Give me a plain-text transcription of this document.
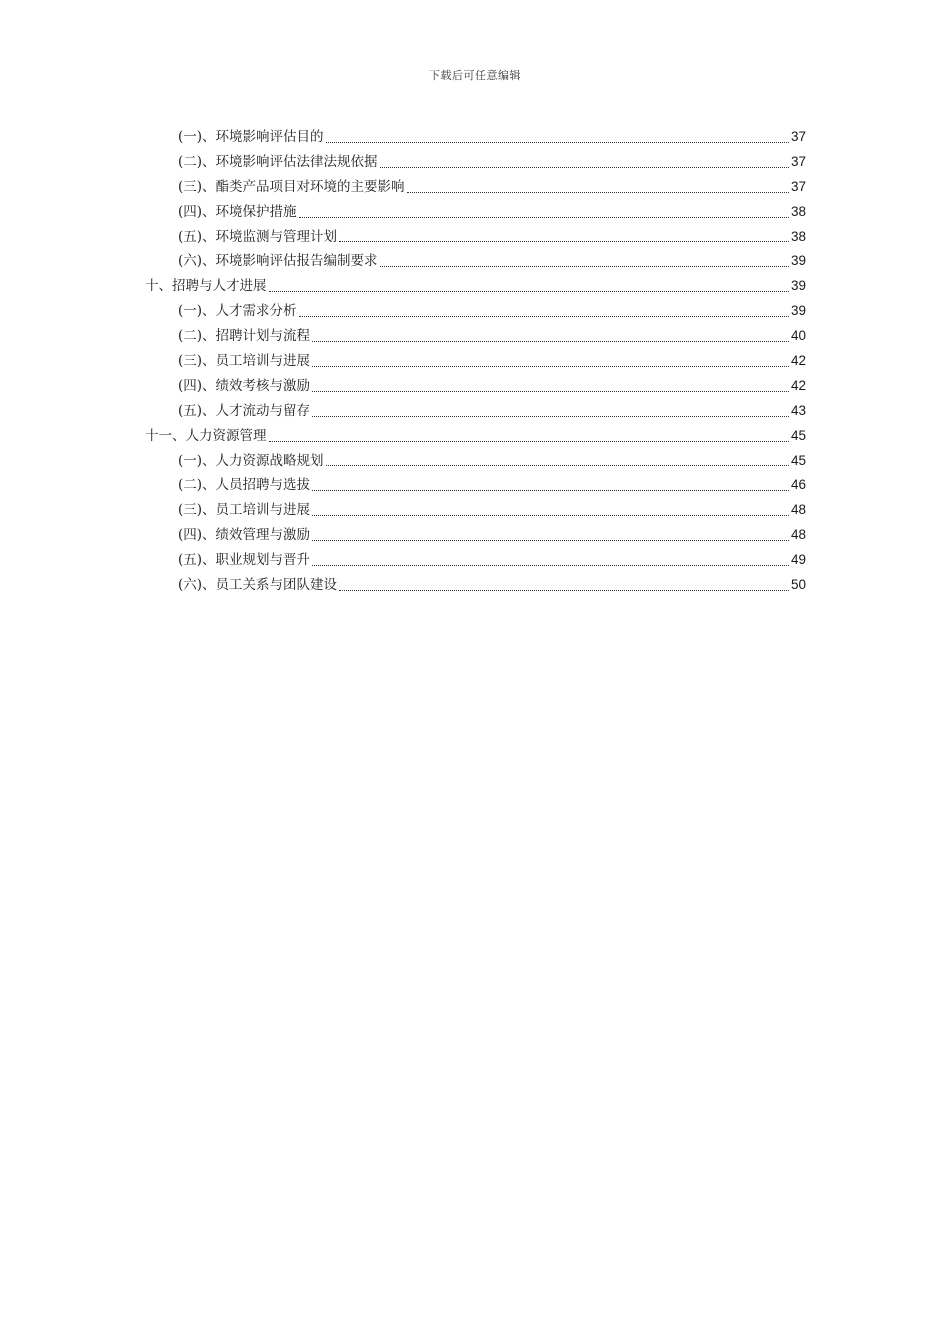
下载后可任意编辑
(一)、环境影响评估目的	37
(二)、环境影响评估法律法规依据	37
(三)、酯类产品项目对环境的主要影响	37
(四)、环境保护措施	38
(五)、环境监测与管理计划	38
(六)、环境影响评估报告编制要求	39
十、招聘与人才进展	39
(一)、人才需求分析	39
(二)、招聘计划与流程	40
(三)、员工培训与进展	42
(四)、绩效考核与激励	42
(五)、人才流动与留存	43
十一、人力资源管理	45
(一)、人力资源战略规划	45
(二)、人员招聘与选拔	46
(三)、员工培训与进展	48
(四)、绩效管理与激励	48
(五)、职业规划与晋升	49
(六)、员工关系与团队建设	50
